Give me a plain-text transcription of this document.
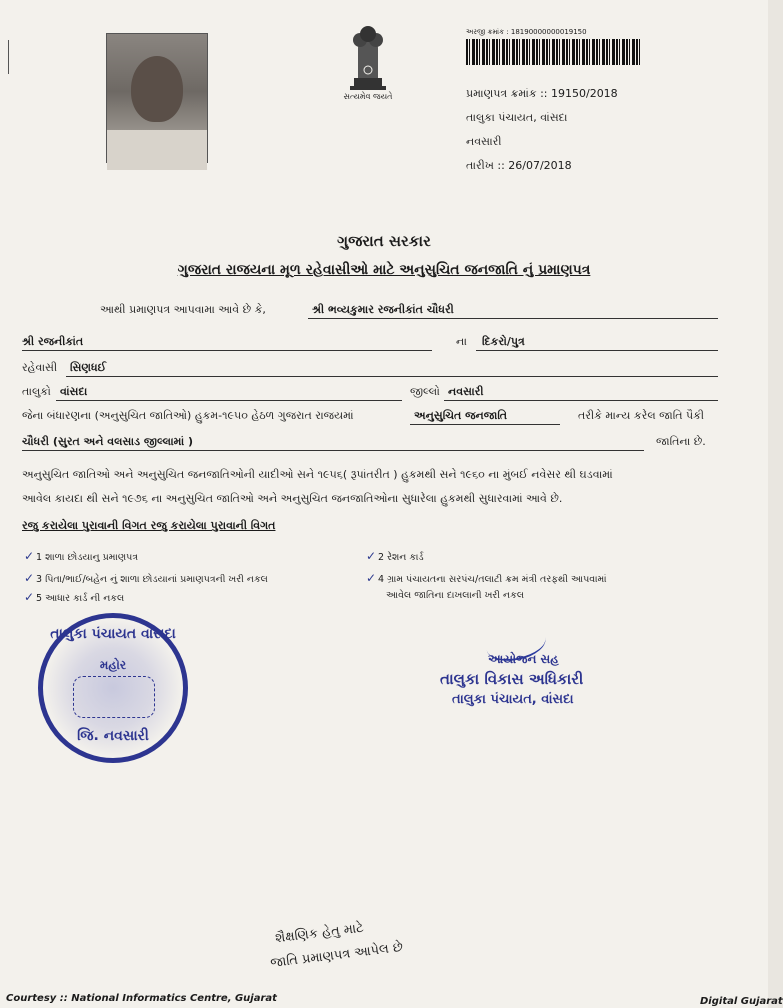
સત્યમેવ જયતે
અરજી ક્રમાંક : 18190000000019150
પ્રમાણપત્ર ક્રમાંક :: 19150/2018
તાલુકા પંચાયત, વાંસદા
નવસારી
તારીખ :: 26/07/2018
ગુજરાત સરકાર
ગુજરાત રાજયના મૂળ રહેવાસીઓ માટે અનુસુચિત જનજાતિ નું પ્રમાણપત્ર
આથી પ્રમાણપત્ર આપવામા આવે છે કે,	શ્રી ભવ્યકુમાર રજનીકાંત ચૌધરી
શ્રી રજનીકાંત	ના દિકરો/પુત્ર
રહેવાસી સિણધઈ
તાલુકો વાંસદા	જીલ્લો નવસારી
જેના બંધારણના (અનુસુચિત જાતિઓ) હુકમ-૧૯૫૦ હેઠળ ગુજરાત રાજયમાં	અનુસુચિત જનજાતિ	તરીકે માન્ય કરેલ જાતિ પૈકી
ચૌધરી (સુરત અને વલસાડ જીલ્લામાં )	જાતિના છે.
અનુસુચિત જાતિઓ અને અનુસુચિત જનજાતિઓની યાદીઓ સને ૧૯૫૬( રૂપાંતરીત ) હુકમથી સને ૧૯૬૦ ના મુંબઈ નવેસર થી ઘડવામાં
આવેલ કાયદા થી સને ૧૯૭૬ ના અનુસુચિત જાતિઓ અને અનુસુચિત જનજાતિઓના સુધારેલા હુકમથી સુધારવામાં આવે છે.
રજુ કરાયેલા પુરાવાની વિગત રજુ કરાયેલા પુરાવાની વિગત
✓ 1 શાળા છોડયાનુ પ્રમાણપત્ર	✓ 2 રેશન કાર્ડ
✓ 3 પિતા/ભાઈ/બહેન નું શાળા છોડયાનાં પ્રમાણપત્રની ખરી નકલ	✓ 4 ગ્રામ પંચાયતના સરપંચ/તલાટી ક્રમ મંત્રી તરફથી આપવામાં
આવેલ જાતિના દાખલાની ખરી નકલ
✓ 5 આધાર કાર્ડ ની નકલ
તાલુકા પંચાયત વાંસદા
મહોર
જિ. નવસારી
આયોજન સહ
તાલુકા વિકાસ અધિકારી
તાલુકા પંચાયત, વાંસદા
શૈક્ષણિક હેતુ માટે
જાતિ પ્રમાણપત્ર આપેલ છે
Courtesy :: National Informatics Centre, Gujarat	Digital Gujarat
